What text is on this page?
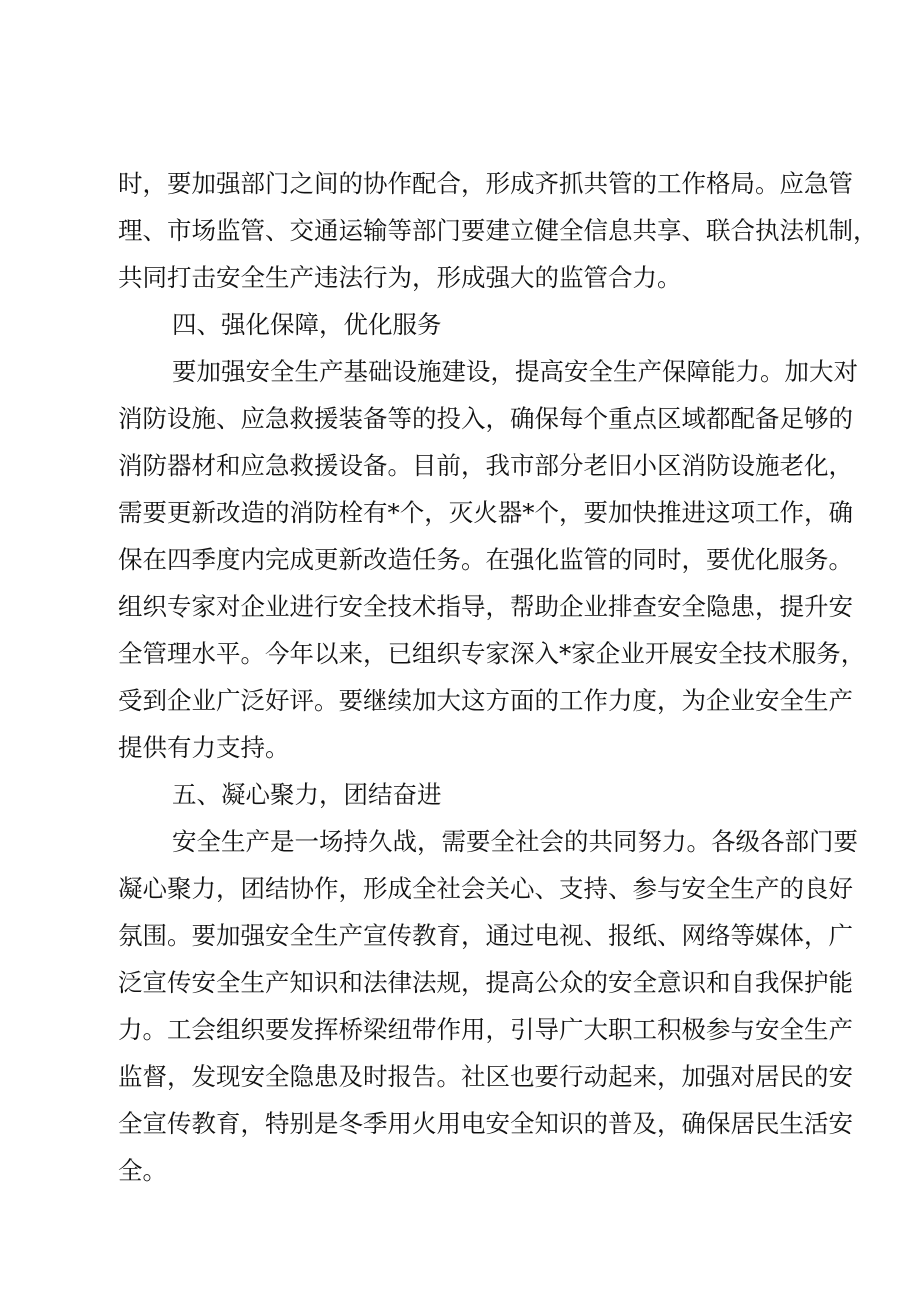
时，要加强部门之间的协作配合，形成齐抓共管的工作格局。应急管
理、市场监管、交通运输等部门要建立健全信息共享、联合执法机制，
共同打击安全生产违法行为，形成强大的监管合力。
四、强化保障，优化服务
要加强安全生产基础设施建设，提高安全生产保障能力。加大对
消防设施、应急救援装备等的投入，确保每个重点区域都配备足够的
消防器材和应急救援设备。目前，我市部分老旧小区消防设施老化，
需要更新改造的消防栓有*个，灭火器*个，要加快推进这项工作，确
保在四季度内完成更新改造任务。在强化监管的同时，要优化服务。
组织专家对企业进行安全技术指导，帮助企业排查安全隐患，提升安
全管理水平。今年以来，已组织专家深入*家企业开展安全技术服务，
受到企业广泛好评。要继续加大这方面的工作力度，为企业安全生产
提供有力支持。
五、凝心聚力，团结奋进
安全生产是一场持久战，需要全社会的共同努力。各级各部门要
凝心聚力，团结协作，形成全社会关心、支持、参与安全生产的良好
氛围。要加强安全生产宣传教育，通过电视、报纸、网络等媒体，广
泛宣传安全生产知识和法律法规，提高公众的安全意识和自我保护能
力。工会组织要发挥桥梁纽带作用，引导广大职工积极参与安全生产
监督，发现安全隐患及时报告。社区也要行动起来，加强对居民的安
全宣传教育，特别是冬季用火用电安全知识的普及，确保居民生活安
全。
